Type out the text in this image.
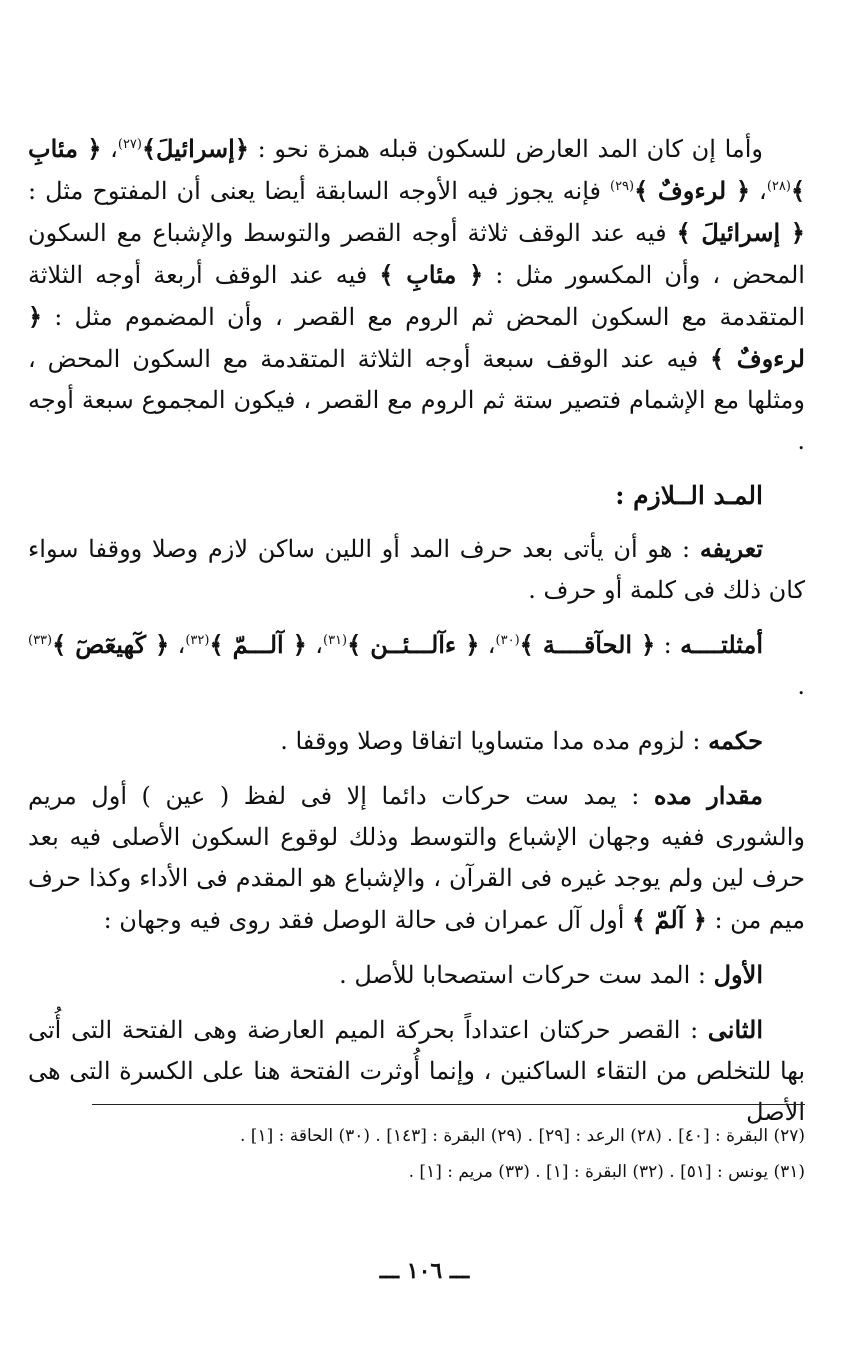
وأما إن كان المد العارض للسكون قبله همزة نحو : ﴿إسرائيلَ﴾$^{(٢٧)}$، ﴿ مئابِ ﴾$^{(٢٨)}$، ﴿ لرءوفٌ ﴾$^{(٢٩)}$ فإنه يجوز فيه الأوجه السابقة أيضا يعنى أن المفتوح مثل : ﴿ إسرائيلَ ﴾ فيه عند الوقف ثلاثة أوجه القصر والتوسط والإشباع مع السكون المحض ، وأن المكسور مثل : ﴿ مئابِ ﴾ فيه عند الوقف أربعة أوجه الثلاثة المتقدمة مع السكون المحض ثم الروم مع القصر ، وأن المضموم مثل : ﴿ لرءوفٌ ﴾ فيه عند الوقف سبعة أوجه الثلاثة المتقدمة مع السكون المحض ، ومثلها مع الإشمام فتصير ستة ثم الروم مع القصر ، فيكون المجموع سبعة أوجه .

المـد الــلازم :

تعريفه : هو أن يأتى بعد حرف المد أو اللين ساكن لازم وصلا ووقفا سواء كان ذلك فى كلمة أو حرف .

أمثلتــــه : ﴿ الحآقــــة ﴾$^{(٣٠)}$، ﴿ ءآلـــئــن ﴾$^{(٣١)}$، ﴿ آلـــمّ ﴾$^{(٣٢)}$، ﴿ كٓهيعٓصٓ ﴾$^{(٣٣)}$ .

حكمه : لزوم مده مدا متساويا اتفاقا وصلا ووقفا .

مقدار مده : يمد ست حركات دائما إلا فى لفظ ( عين ) أول مريم والشورى ففيه وجهان الإشباع والتوسط وذلك لوقوع السكون الأصلى فيه بعد حرف لين ولم يوجد غيره فى القرآن ، والإشباع هو المقدم فى الأداء وكذا حرف ميم من : ﴿ آلمّ ﴾ أول آل عمران فى حالة الوصل فقد روى فيه وجهان :

الأول : المد ست حركات استصحابا للأصل .

الثانى : القصر حركتان اعتداداً بحركة الميم العارضة وهى الفتحة التى أُتى بها للتخلص من التقاء الساكنين ، وإنما أُوثرت الفتحة هنا على الكسرة التى هى الأصل

(٢٧) البقرة : [٤٠] . (٢٨) الرعد : [٢٩] . (٢٩) البقرة : [١٤٣] . (٣٠) الحاقة : [١] .
(٣١) يونس : [٥١] . (٣٢) البقرة : [١] . (٣٣) مريم : [١] .
ـــ ١٠٦ ـــ
